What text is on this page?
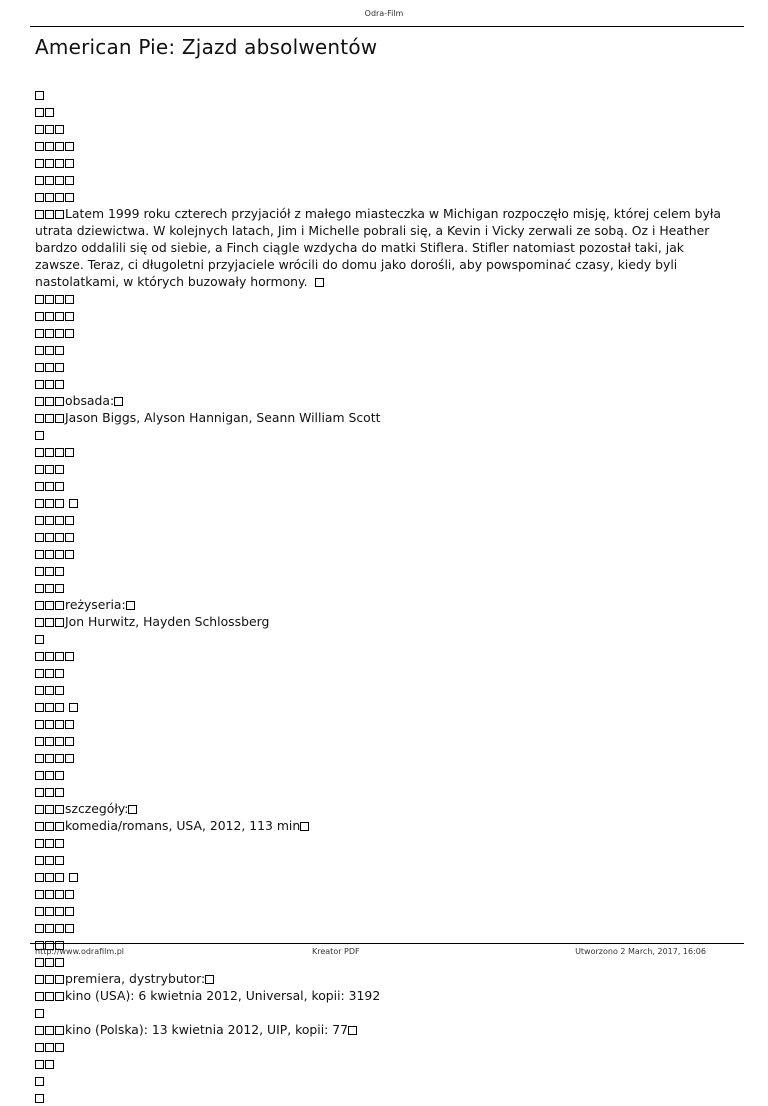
Odra-Film
American Pie: Zjazd absolwentów
Latem 1999 roku czterech przyjaciół z małego miasteczka w Michigan rozpoczęło misję, której celem była utrata dziewictwa. W kolejnych latach, Jim i Michelle pobrali się, a Kevin i Vicky zerwali ze sobą. Oz i Heather bardzo oddalili się od siebie, a Finch ciągle wzdycha do matki Stiflera. Stifler natomiast pozostał taki, jak zawsze. Teraz, ci długoletni przyjaciele wrócili do domu jako dorośli, aby powspominać czasy, kiedy byli nastolatkami, w których buzowały hormony.
obsada:
Jason Biggs, Alyson Hannigan, Seann William Scott

reżyseria:
Jon Hurwitz, Hayden Schlossberg

szczegóły:
komedia/romans, USA, 2012, 113 min

premiera, dystrybutor:
kino (USA): 6 kwietnia 2012, Universal, kopii: 3192
kino (Polska): 13 kwietnia 2012, UIP, kopii: 77
http://www.odrafilm.pl	Kreator PDF	Utworzono 2 March, 2017, 16:06
